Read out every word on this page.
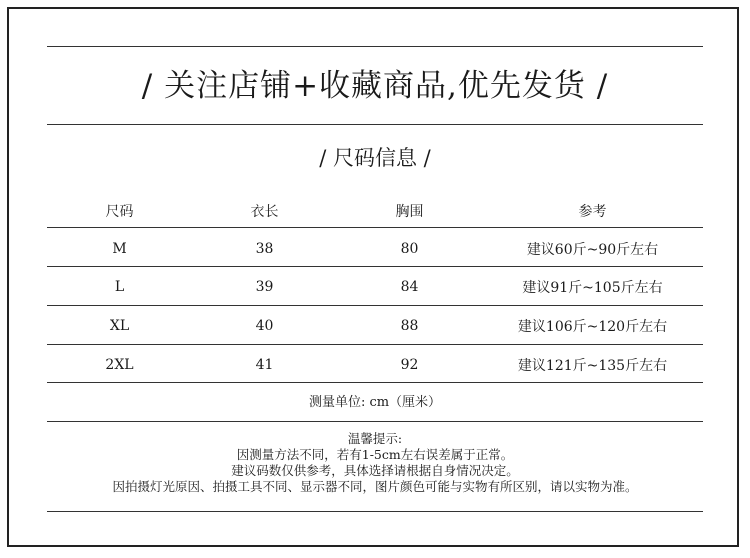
/ 关注店铺+收藏商品,优先发货 /
/ 尺码信息 /
尺码	衣长	胸围	参考
M	38	80	建议60斤~90斤左右
L	39	84	建议91斤~105斤左右
XL	40	88	建议106斤~120斤左右
2XL	41	92	建议121斤~135斤左右
测量单位: cm（厘米）
温馨提示:
因测量方法不同，若有1-5cm左右误差属于正常。
建议码数仅供参考，具体选择请根据自身情况决定。
因拍摄灯光原因、拍摄工具不同、显示器不同，图片颜色可能与实物有所区别，请以实物为准。
